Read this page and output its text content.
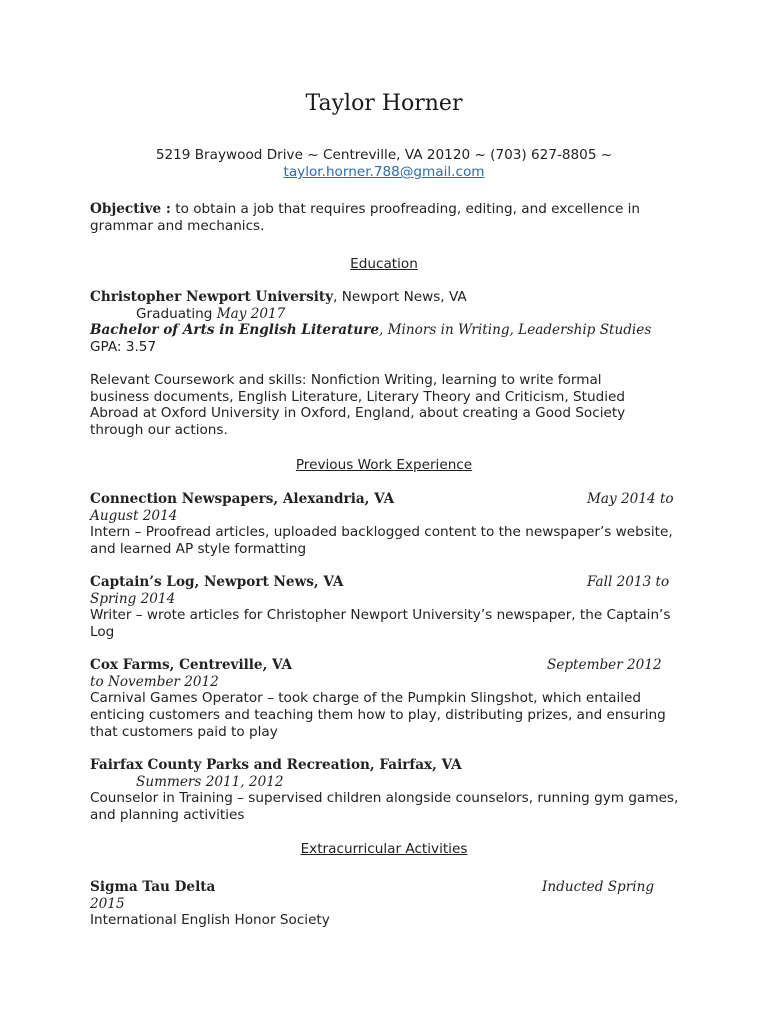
Taylor Horner
5219 Braywood Drive ~ Centreville, VA 20120 ~ (703) 627-8805 ~
taylor.horner.788@gmail.com
Objective : to obtain a job that requires proofreading, editing, and excellence in grammar and mechanics.
Education
Christopher Newport University, Newport News, VA
Graduating May 2017
Bachelor of Arts in English Literature, Minors in Writing, Leadership Studies
GPA: 3.57
Relevant Coursework and skills: Nonfiction Writing, learning to write formal business documents, English Literature, Literary Theory and Criticism, Studied Abroad at Oxford University in Oxford, England, about creating a Good Society through our actions.
Previous Work Experience
Connection Newspapers, Alexandria, VA	May 2014 to
August 2014
Intern – Proofread articles, uploaded backlogged content to the newspaper’s website, and learned AP style formatting
Captain’s Log, Newport News, VA	Fall 2013 to
Spring 2014
Writer – wrote articles for Christopher Newport University’s newspaper, the Captain’s Log
Cox Farms, Centreville, VA	September 2012
to November 2012
Carnival Games Operator – took charge of the Pumpkin Slingshot, which entailed enticing customers and teaching them how to play, distributing prizes, and ensuring that customers paid to play
Fairfax County Parks and Recreation, Fairfax, VA
Summers 2011, 2012
Counselor in Training – supervised children alongside counselors, running gym games, and planning activities
Extracurricular Activities
Sigma Tau Delta	Inducted Spring
2015
International English Honor Society
